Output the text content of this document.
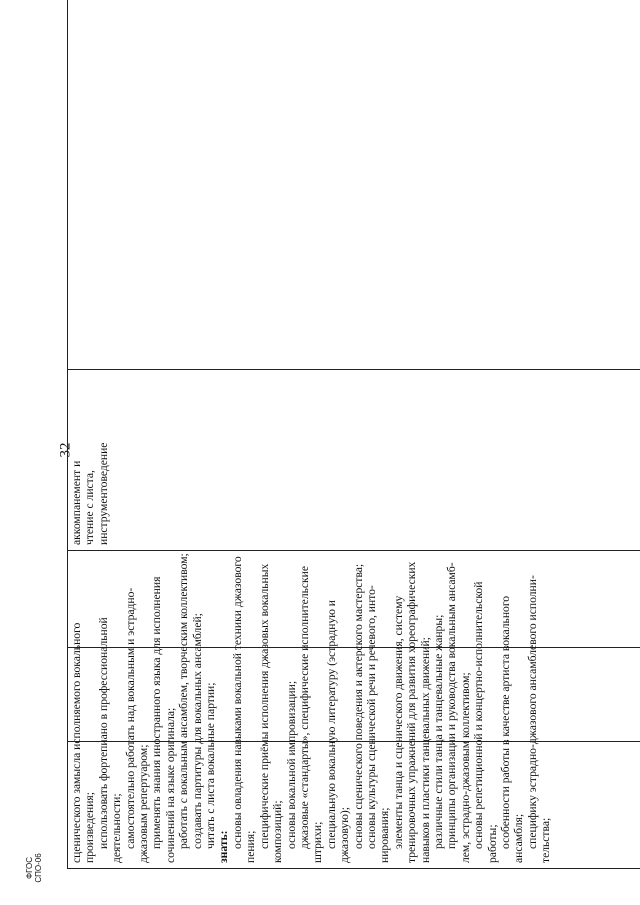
32
сценического замысла исполняемого вокального произведения; использовать фортепиано в профессиональной деятельности; самостоятельно работать над вокальным и эстрадно- джазовым репертуаром; применять знания иностранного языка для исполнения сочинений на языке оригинала; работать с вокальным ансамблем, творческим коллективом; создавать партитуры для вокальных ансамблей; читать с листа вокальные партии; знать: основы овладения навыками вокальной техники джазового пения; специфические приёмы исполнения джазовых вокальных композиций; основы вокальной импровизации; джазовые «стандарты», специфические исполнительские штрихи; специальную вокальную литературу (эстрадную и джазовую); основы сценического поведения и актерского мастерства; основы культуры сценической речи и речевого, инто- нирования; элементы танца и сценического движения, систему тренировочных упражнений для развития хореографических навыков и пластики танцевальных движений; различные стили танца и танцевальные жанры; принципы организации и руководства вокальным ансамб- лем, эстрадно-джазовым коллективом; основы репетиционной и концертно-исполнительской работы; особенности работы в качестве артиста вокального ансамбля; специфику эстрадно-джазового ансамблевого исполни- тельства;

аккомпанемент и чтение с листа, инструментоведение

ФГОС СПО-06
